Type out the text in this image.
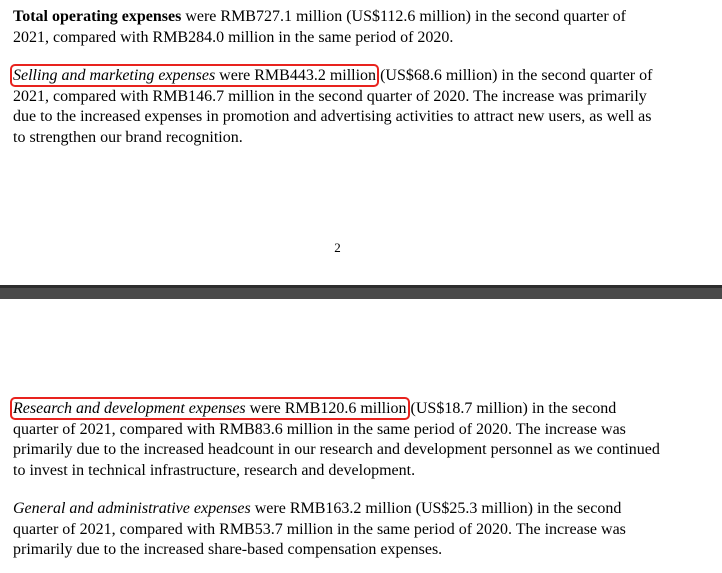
Total operating expenses were RMB727.1 million (US$112.6 million) in the second quarter of
2021, compared with RMB284.0 million in the same period of 2020.

Selling and marketing expenses were RMB443.2 million (US$68.6 million) in the second quarter of
2021, compared with RMB146.7 million in the second quarter of 2020. The increase was primarily
due to the increased expenses in promotion and advertising activities to attract new users, as well as
to strengthen our brand recognition.

2

Research and development expenses were RMB120.6 million (US$18.7 million) in the second
quarter of 2021, compared with RMB83.6 million in the same period of 2020. The increase was
primarily due to the increased headcount in our research and development personnel as we continued
to invest in technical infrastructure, research and development.

General and administrative expenses were RMB163.2 million (US$25.3 million) in the second
quarter of 2021, compared with RMB53.7 million in the same period of 2020. The increase was
primarily due to the increased share-based compensation expenses.
